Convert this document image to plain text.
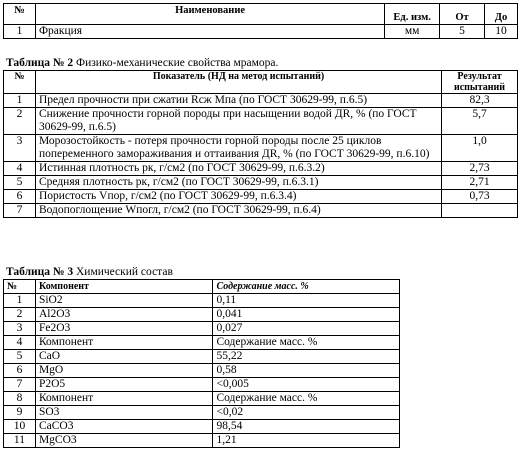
№	Наименование	Ед. изм.	От	До
1	Фракция	мм	5	10
Таблица № 2 Физико-механические свойства мрамора.
№	Показатель (НД на метод испытаний)	Результат испытаний
1	Предел прочности при сжатии Rсж Мпа (по ГОСТ 30629-99, п.6.5)	82,3
2	Снижение прочности горной породы при насыщении водой ДR, % (по ГОСТ 30629-99, п.6.5)	5,7
3	Морозостойкость - потеря прочности горной породы после 25 циклов попеременного замораживания и оттаивания ДR, % (по ГОСТ 30629-99, п.6.10)	1,0
4	Истинная плотность рк, г/см2 (по ГОСТ 30629-99, п.6.3.2)	2,73
5	Средняя плотность рк, г/см2 (по ГОСТ 30629-99, п.6.3.1)	2,71
6	Пористость Vпор, г/см2 (по ГОСТ 30629-99, п.6.3.4)	0,73
7	Водопоглощение Wпогл, г/см2 (по ГОСТ 30629-99, п.6.4)	
Таблица № 3 Химический состав
№	Компонент	Содержание масс. %
1	SiO2	0,11
2	Al2O3	0,041
3	Fe2O3	0,027
4	Компонент	Содержание масс. %
5	CaO	55,22
6	MgO	0,58
7	P2O5	<0,005
8	Компонент	Содержание масс. %
9	SO3	<0,02
10	CaCO3	98,54
11	MgCO3	1,21
